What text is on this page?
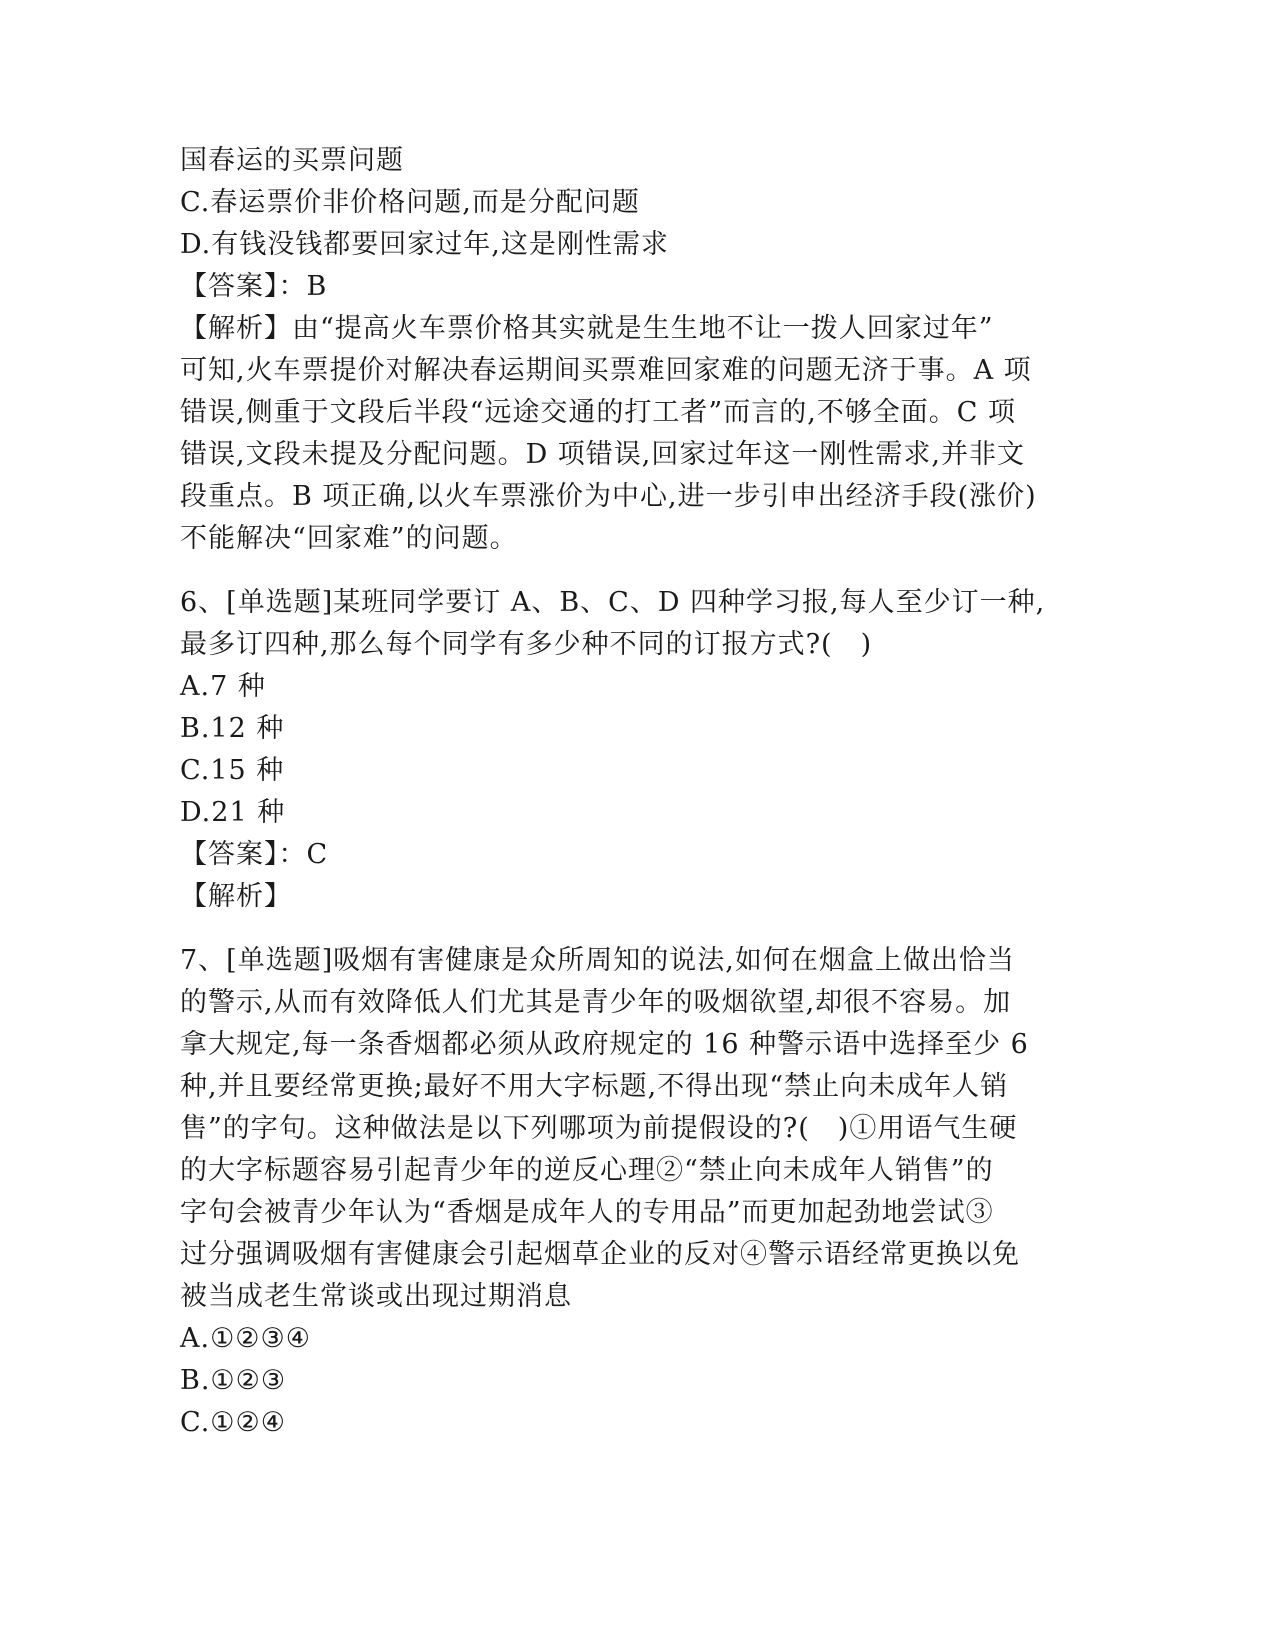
国春运的买票问题
C.春运票价非价格问题,而是分配问题
D.有钱没钱都要回家过年,这是刚性需求
【答案】：B
【解析】由“提高火车票价格其实就是生生地不让一拨人回家过年”
可知,火车票提价对解决春运期间买票难回家难的问题无济于事。A 项
错误,侧重于文段后半段“远途交通的打工者”而言的,不够全面。C 项
错误,文段未提及分配问题。D 项错误,回家过年这一刚性需求,并非文
段重点。B 项正确,以火车票涨价为中心,进一步引申出经济手段(涨价)
不能解决“回家难”的问题。
6、[单选题]某班同学要订 A、B、C、D 四种学习报,每人至少订一种,
最多订四种,那么每个同学有多少种不同的订报方式?(　)
A.7 种
B.12 种
C.15 种
D.21 种
【答案】：C
【解析】
7、[单选题]吸烟有害健康是众所周知的说法,如何在烟盒上做出恰当
的警示,从而有效降低人们尤其是青少年的吸烟欲望,却很不容易。加
拿大规定,每一条香烟都必须从政府规定的 16 种警示语中选择至少 6
种,并且要经常更换;最好不用大字标题,不得出现“禁止向未成年人销
售”的字句。这种做法是以下列哪项为前提假设的?(　)①用语气生硬
的大字标题容易引起青少年的逆反心理②“禁止向未成年人销售”的
字句会被青少年认为“香烟是成年人的专用品”而更加起劲地尝试③
过分强调吸烟有害健康会引起烟草企业的反对④警示语经常更换以免
被当成老生常谈或出现过期消息
A.①②③④
B.①②③
C.①②④
